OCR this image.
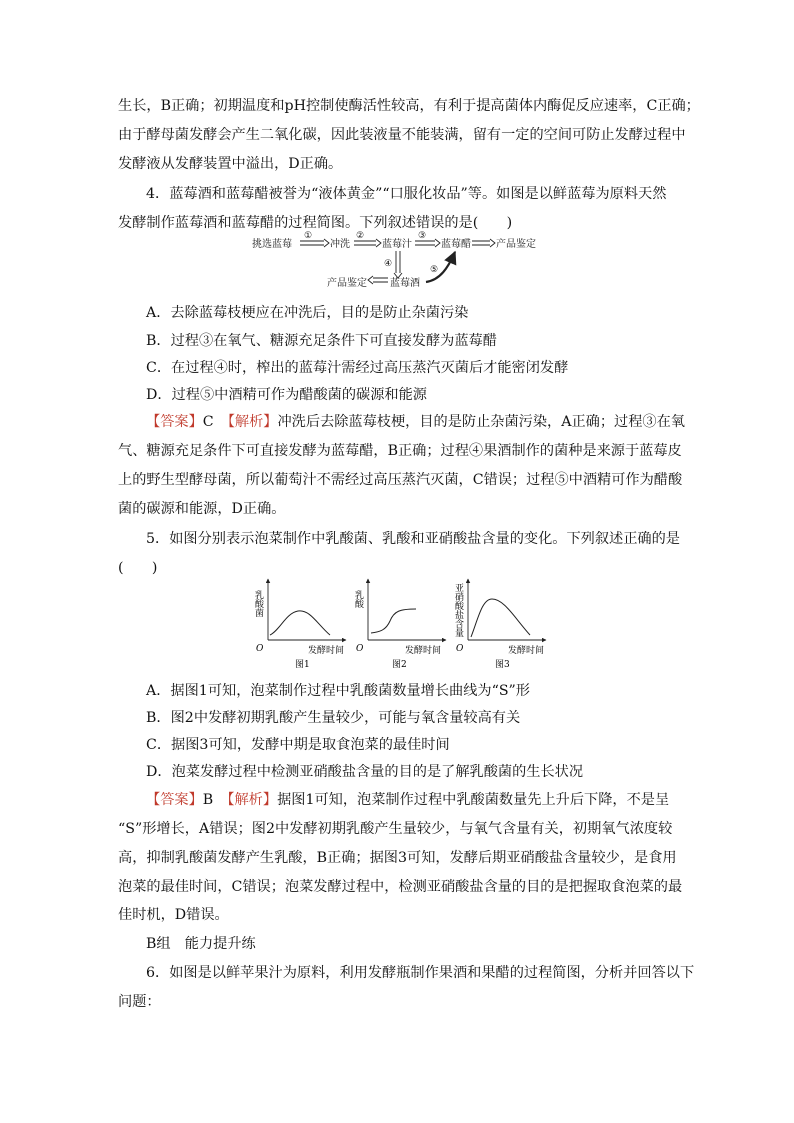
生长，B正确；初期温度和pH控制使酶活性较高，有利于提高菌体内酶促反应速率，C正确；
由于酵母菌发酵会产生二氧化碳，因此装液量不能装满，留有一定的空间可防止发酵过程中
发酵液从发酵装置中溢出，D正确。
4．蓝莓酒和蓝莓醋被誉为“液体黄金”“口服化妆品”等。如图是以鲜蓝莓为原料天然
发酵制作蓝莓酒和蓝莓醋的过程简图。下列叙述错误的是(　　)
挑选蓝莓	冲洗	蓝莓汁	蓝莓醋	产品鉴定
产品鉴定 蓝莓酒
①	②	③
④
⑤
A．去除蓝莓枝梗应在冲洗后，目的是防止杂菌污染
B．过程③在氧气、糖源充足条件下可直接发酵为蓝莓醋
C．在过程④时，榨出的蓝莓汁需经过高压蒸汽灭菌后才能密闭发酵
D．过程⑤中酒精可作为醋酸菌的碳源和能源
【答案】C　 【解析】冲洗后去除蓝莓枝梗，目的是防止杂菌污染，A正确；过程③在氧
气、糖源充足条件下可直接发酵为蓝莓醋，B正确；过程④果酒制作的菌种是来源于蓝莓皮
上的野生型酵母菌，所以葡萄汁不需经过高压蒸汽灭菌，C错误；过程⑤中酒精可作为醋酸
菌的碳源和能源，D正确。
5．如图分别表示泡菜制作中乳酸菌、乳酸和亚硝酸盐含量的变化。下列叙述正确的是
(　　)
乳酸菌
O	发酵时间
图1
乳酸
O	发酵时间
图2
亚硝酸盐含量
O	发酵时间
图3
A．据图1可知，泡菜制作过程中乳酸菌数量增长曲线为“S”形
B．图2中发酵初期乳酸产生量较少，可能与氧含量较高有关
C．据图3可知，发酵中期是取食泡菜的最佳时间
D．泡菜发酵过程中检测亚硝酸盐含量的目的是了解乳酸菌的生长状况
【答案】B　 【解析】据图1可知，泡菜制作过程中乳酸菌数量先上升后下降，不是呈
“S”形增长，A错误；图2中发酵初期乳酸产生量较少，与氧气含量有关，初期氧气浓度较
高，抑制乳酸菌发酵产生乳酸，B正确；据图3可知，发酵后期亚硝酸盐含量较少，是食用
泡菜的最佳时间，C错误；泡菜发酵过程中，检测亚硝酸盐含量的目的是把握取食泡菜的最
佳时机，D错误。
B组　能力提升练
6．如图是以鲜苹果汁为原料，利用发酵瓶制作果酒和果醋的过程简图，分析并回答以下
问题：
